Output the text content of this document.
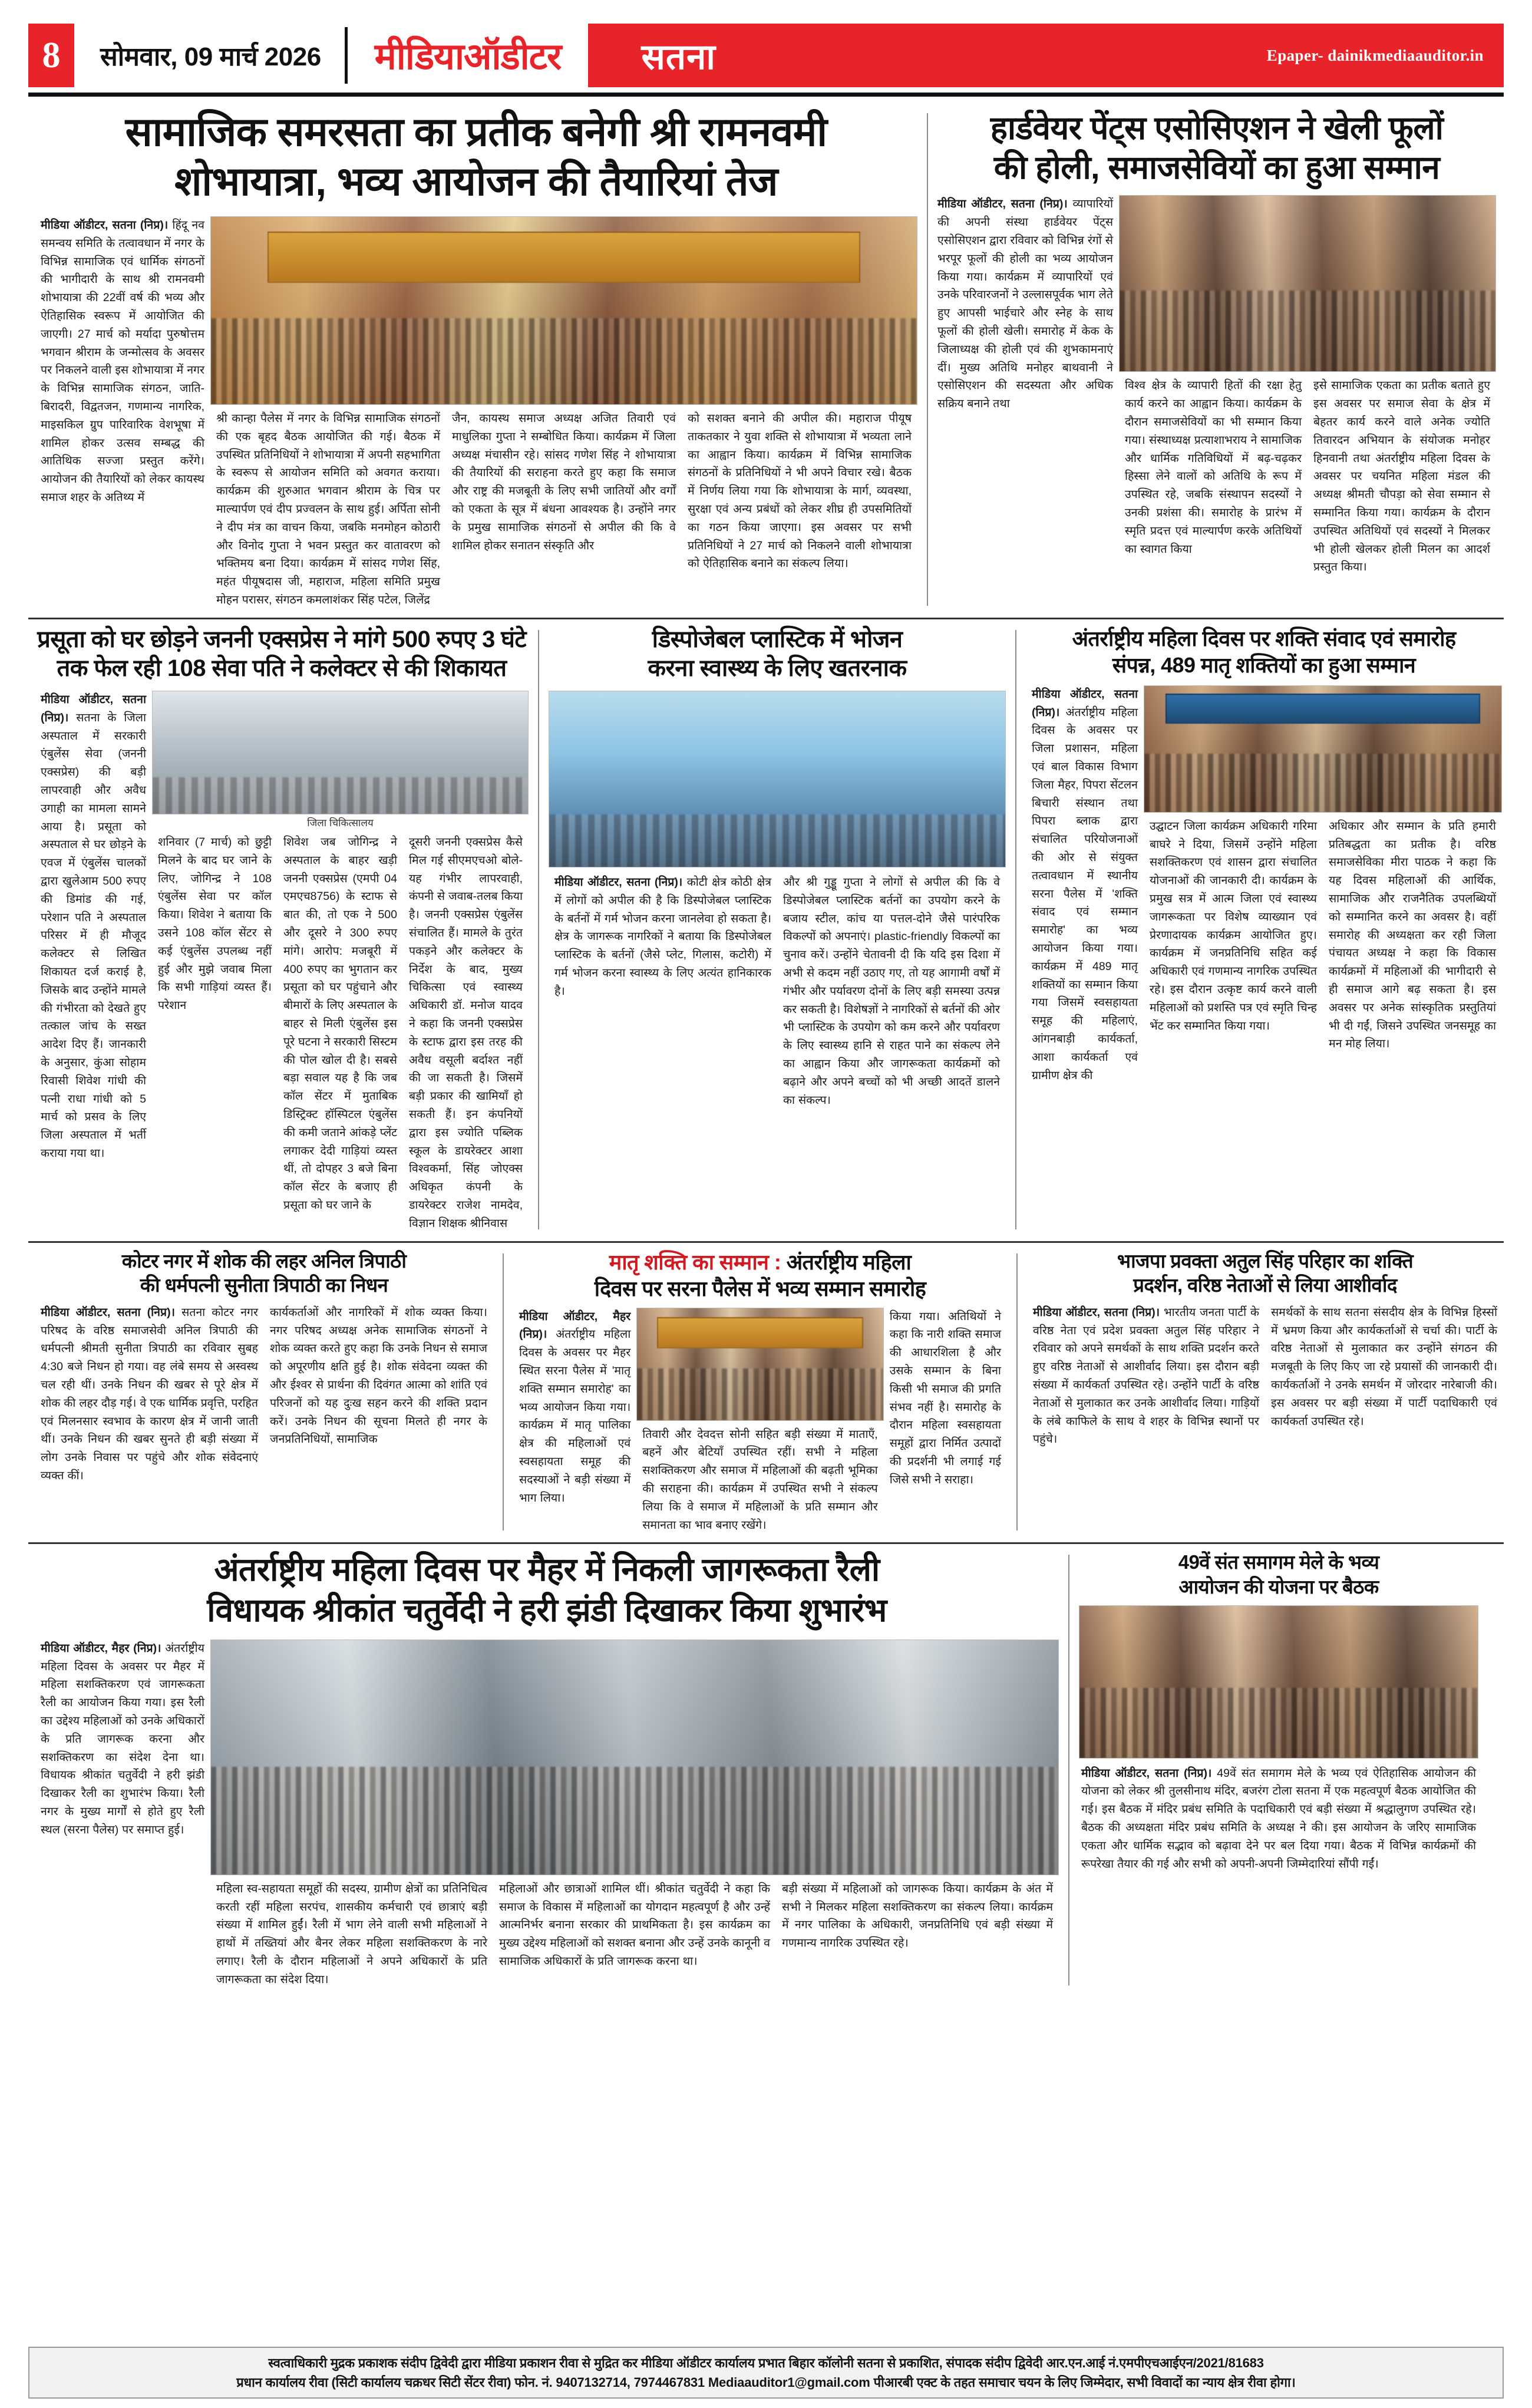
8	सोमवार, 09 मार्च 2026	मीडियाऑडीटर	सतना	Epaper- dainikmediaauditor.in
सामाजिक समरसता का प्रतीक बनेगी श्री रामनवमी
शोभायात्रा, भव्य आयोजन की तैयारियां तेज
मीडिया ऑडीटर, सतना (निप्र)। हिंदू नव समन्वय समिति के तत्वावधान में नगर के विभिन्न सामाजिक एवं धार्मिक संगठनों की भागीदारी के साथ श्री रामनवमी शोभायात्रा की 22वीं वर्ष की भव्य और ऐतिहासिक स्वरूप में आयोजित की जाएगी। 27 मार्च को मर्यादा पुरुषोत्तम भगवान श्रीराम के जन्मोत्सव के अवसर पर निकलने वाली इस शोभायात्रा में नगर के विभिन्न सामाजिक संगठन, जाति-बिरादरी, विद्वतजन, गणमान्य नागरिक, माइसकिल ग्रुप पारिवारिक वेशभूषा में शामिल होकर उत्सव सम्बद्ध की आतिथिक सज्जा प्रस्तुत करेंगे। आयोजन की तैयारियों को लेकर कायस्थ समाज शहर के अतिथ्य में
श्री कान्हा पैलेस में नगर के विभिन्न सामाजिक संगठनों की एक बृहद बैठक आयोजित की गई। बैठक में उपस्थित प्रतिनिधियों ने शोभायात्रा में अपनी सहभागिता के स्वरूप से आयोजन समिति को अवगत कराया। कार्यक्रम की शुरुआत भगवान श्रीराम के चित्र पर माल्यार्पण एवं दीप प्रज्वलन के साथ हुई। अर्पिता सोनी ने दीप मंत्र का वाचन किया, जबकि मनमोहन कोठारी और विनोद गुप्ता ने भवन प्रस्तुत कर वातावरण को भक्तिमय बना दिया। कार्यक्रम में सांसद गणेश सिंह, महंत पीयूषदास जी, महाराज, महिला समिति प्रमुख मोहन परासर, संगठन कमलाशंकर सिंह पटेल, जिलेंद्र
जैन, कायस्थ समाज अध्यक्ष अजित तिवारी एवं माधुलिका गुप्ता ने सम्बोधित किया। कार्यक्रम में जिला अध्यक्ष मंचासीन रहे। सांसद गणेश सिंह ने शोभायात्रा की तैयारियों की सराहना करते हुए कहा कि समाज और राष्ट्र की मजबूती के लिए सभी जातियों और वर्गों को एकता के सूत्र में बंधना आवश्यक है। उन्होंने नगर के प्रमुख सामाजिक संगठनों से अपील की कि वे शामिल होकर सनातन संस्कृति और
को सशक्त बनाने की अपील की। महाराज पीयूष ताकतकार ने युवा शक्ति से शोभायात्रा में भव्यता लाने का आह्वान किया। कार्यक्रम में विभिन्न सामाजिक संगठनों के प्रतिनिधियों ने भी अपने विचार रखे। बैठक में निर्णय लिया गया कि शोभायात्रा के मार्ग, व्यवस्था, सुरक्षा एवं अन्य प्रबंधों को लेकर शीघ्र ही उपसमितियों का गठन किया जाएगा। इस अवसर पर सभी प्रतिनिधियों ने 27 मार्च को निकलने वाली शोभायात्रा को ऐतिहासिक बनाने का संकल्प लिया।
हार्डवेयर पेंट्स एसोसिएशन ने खेली फूलों
की होली, समाजसेवियों का हुआ सम्मान
मीडिया ऑडीटर, सतना (निप्र)। व्यापारियों की अपनी संस्था हार्डवेयर पेंट्स एसोसिएशन द्वारा रविवार को विभिन्न रंगों से भरपूर फूलों की होली का भव्य आयोजन किया गया। कार्यक्रम में व्यापारियों एवं उनके परिवारजनों ने उल्लासपूर्वक भाग लेते हुए आपसी भाईचारे और स्नेह के साथ फूलों की होली खेली। समारोह में केक के जिलाध्यक्ष की होली एवं की शुभकामनाएं दीं। मुख्य अतिथि मनोहर बाथवानी ने एसोसिएशन की सदस्यता और अधिक सक्रिय बनाने तथा
विश्व क्षेत्र के व्यापारी हितों की रक्षा हेतु कार्य करने का आह्वान किया। कार्यक्रम के दौरान समाजसेवियों का भी सम्मान किया गया। संस्थाध्यक्ष प्रत्याशाभराय ने सामाजिक और धार्मिक गतिविधियों में बढ़-चढ़कर हिस्सा लेने वालों को अतिथि के रूप में उपस्थित रहे, जबकि संस्थापन सदस्यों ने उनकी प्रशंसा की। समारोह के प्रारंभ में स्मृति प्रदत्त एवं माल्यार्पण करके अतिथियों का स्वागत किया
इसे सामाजिक एकता का प्रतीक बताते हुए इस अवसर पर समाज सेवा के क्षेत्र में बेहतर कार्य करने वाले अनेक ज्योति तिवारदन अभियान के संयोजक मनोहर हिनवानी तथा अंतर्राष्ट्रीय महिला दिवस के अवसर पर चयनित महिला मंडल की अध्यक्ष श्रीमती चौपड़ा को सेवा सम्मान से सम्मानित किया गया। कार्यक्रम के दौरान उपस्थित अतिथियों एवं सदस्यों ने मिलकर भी होली खेलकर होली मिलन का आदर्श प्रस्तुत किया।
प्रसूता को घर छोड़ने जननी एक्सप्रेस ने मांगे 500 रुपए 3 घंटे
तक फेल रही 108 सेवा पति ने कलेक्टर से की शिकायत
मीडिया ऑडीटर, सतना (निप्र)। सतना के जिला अस्पताल में सरकारी एंबुलेंस सेवा (जननी एक्सप्रेस) की बड़ी लापरवाही और अवैध उगाही का मामला सामने आया है। प्रसूता को अस्पताल से घर छोड़ने के एवज में एंबुलेंस चालकों द्वारा खुलेआम 500 रुपए की डिमांड की गई, परेशान पति ने अस्पताल परिसर में ही मौजूद कलेक्टर से लिखित शिकायत दर्ज कराई है, जिसके बाद उन्होंने मामले की गंभीरता को देखते हुए तत्काल जांच के सख्त आदेश दिए हैं। जानकारी के अनुसार, कुंआ सोहाम रिवासी शिवेश गांधी की पत्नी राधा गांधी को 5 मार्च को प्रसव के लिए जिला अस्पताल में भर्ती कराया गया था।
जिला चिकित्सालय
शनिवार (7 मार्च) को छुट्टी मिलने के बाद घर जाने के लिए, जोगिन्द्र ने 108 एंबुलेंस सेवा पर कॉल किया। शिवेश ने बताया कि उसने 108 कॉल सेंटर से कई एंबुलेंस उपलब्ध नहीं हुई और मुझे जवाब मिला कि सभी गाड़ियां व्यस्त हैं। परेशान
शिवेश जब जोगिन्द्र ने अस्पताल के बाहर खड़ी जननी एक्सप्रेस (एमपी 04 एमएच8756) के स्टाफ से बात की, तो एक ने 500 और दूसरे ने 300 रुपए मांगे। आरोप: मजबूरी में 400 रुपए का भुगतान कर प्रसूता को घर पहुंचाने और बीमारों के लिए अस्पताल के बाहर से मिली एंबुलेंस इस पूरे घटना ने सरकारी सिस्टम की पोल खोल दी है। सबसे बड़ा सवाल यह है कि जब कॉल सेंटर में मुताबिक डिस्ट्रिक्ट हॉस्पिटल एंबुलेंस की कमी जताने आंकड़े प्लेंट लगाकर देदी गाड़ियां व्यस्त थीं, तो दोपहर 3 बजे बिना कॉल सेंटर के बजाए ही प्रसूता को घर जाने के
दूसरी जननी एक्सप्रेस कैसे मिल गई सीएमएचओ बोले- यह गंभीर लापरवाही, कंपनी से जवाब-तलब किया है। जननी एक्सप्रेस एंबुलेंस संचालित हैं। मामले के तुरंत पकड़ने और कलेक्टर के निर्देश के बाद, मुख्य चिकित्सा एवं स्वास्थ्य अधिकारी डॉ. मनोज यादव ने कहा कि जननी एक्सप्रेस के स्टाफ द्वारा इस तरह की अवैध वसूली बर्दाश्त नहीं की जा सकती है। जिसमें बड़ी प्रकार की खामियाँ हो सकती हैं। इन कंपनियों द्वारा इस ज्योति पब्लिक स्कूल के डायरेक्टर आशा विश्वकर्मा, सिंह जोएक्स अधिकृत कंपनी के डायरेक्टर राजेश नामदेव, विज्ञान शिक्षक श्रीनिवास
डिस्पोजेबल प्लास्टिक में भोजन
करना स्वास्थ्य के लिए खतरनाक
मीडिया ऑडीटर, सतना (निप्र)। कोटी क्षेत्र कोठी क्षेत्र में लोगों को अपील की है कि डिस्पोजेबल प्लास्टिक के बर्तनों में गर्म भोजन करना जानलेवा हो सकता है। क्षेत्र के जागरूक नागरिकों ने बताया कि डिस्पोजेबल प्लास्टिक के बर्तनों (जैसे प्लेट, गिलास, कटोरी) में गर्म भोजन करना स्वास्थ्य के लिए अत्यंत हानिकारक है।
और श्री गुड्डू गुप्ता ने लोगों से अपील की कि वे डिस्पोजेबल प्लास्टिक बर्तनों का उपयोग करने के बजाय स्टील, कांच या पत्तल-दोने जैसे पारंपरिक विकल्पों को अपनाएं। plastic-friendly विकल्पों का चुनाव करें। उन्होंने चेतावनी दी कि यदि इस दिशा में अभी से कदम नहीं उठाए गए, तो यह आगामी वर्षों में गंभीर और पर्यावरण दोनों के लिए बड़ी समस्या उत्पन्न कर सकती है। विशेषज्ञों ने नागरिकों से बर्तनों की ओर भी प्लास्टिक के उपयोग को कम करने और पर्यावरण के लिए स्वास्थ्य हानि से राहत पाने का संकल्प लेने का आह्वान किया और जागरूकता कार्यक्रमों को बढ़ाने और अपने बच्चों को भी अच्छी आदतें डालने का संकल्प।
अंतर्राष्ट्रीय महिला दिवस पर शक्ति संवाद एवं समारोह
संपन्न, 489 मातृ शक्तियों का हुआ सम्मान
मीडिया ऑडीटर, सतना (निप्र)। अंतर्राष्ट्रीय महिला दिवस के अवसर पर जिला प्रशासन, महिला एवं बाल विकास विभाग जिला मैहर, पिपरा सेंटलन बिचारी संस्थान तथा पिपरा ब्लाक द्वारा संचालित परियोजनाओं की ओर से संयुक्त तत्वावधान में स्थानीय सरना पैलेस में 'शक्ति संवाद एवं सम्मान समारोह' का भव्य आयोजन किया गया। कार्यक्रम में 489 मातृ शक्तियों का सम्मान किया गया जिसमें स्वसहायता समूह की महिलाएं, आंगनबाड़ी कार्यकर्ता, आशा कार्यकर्ता एवं ग्रामीण क्षेत्र की
उद्घाटन जिला कार्यक्रम अधिकारी गरिमा बाघरे ने दिया, जिसमें उन्होंने महिला सशक्तिकरण एवं शासन द्वारा संचालित योजनाओं की जानकारी दी। कार्यक्रम के प्रमुख सत्र में आत्म जिला एवं स्वास्थ्य जागरूकता पर विशेष व्याख्यान एवं प्रेरणादायक कार्यक्रम आयोजित हुए। कार्यक्रम में जनप्रतिनिधि सहित कई अधिकारी एवं गणमान्य नागरिक उपस्थित रहे। इस दौरान उत्कृष्ट कार्य करने वाली महिलाओं को प्रशस्ति पत्र एवं स्मृति चिन्ह भेंट कर सम्मानित किया गया।
अधिकार और सम्मान के प्रति हमारी प्रतिबद्धता का प्रतीक है। वरिष्ठ समाजसेविका मीरा पाठक ने कहा कि यह दिवस महिलाओं की आर्थिक, सामाजिक और राजनैतिक उपलब्धियों को सम्मानित करने का अवसर है। वहीं समारोह की अध्यक्षता कर रही जिला पंचायत अध्यक्ष ने कहा कि विकास कार्यक्रमों में महिलाओं की भागीदारी से ही समाज आगे बढ़ सकता है। इस अवसर पर अनेक सांस्कृतिक प्रस्तुतियां भी दी गईं, जिसने उपस्थित जनसमूह का मन मोह लिया।
कोटर नगर में शोक की लहर अनिल त्रिपाठी
की धर्मपत्नी सुनीता त्रिपाठी का निधन
मीडिया ऑडीटर, सतना (निप्र)। सतना कोटर नगर परिषद के वरिष्ठ समाजसेवी अनिल त्रिपाठी की धर्मपत्नी श्रीमती सुनीता त्रिपाठी का रविवार सुबह 4:30 बजे निधन हो गया। वह लंबे समय से अस्वस्थ चल रही थीं। उनके निधन की खबर से पूरे क्षेत्र में शोक की लहर दौड़ गई। वे एक धार्मिक प्रवृत्ति, परहित एवं मिलनसार स्वभाव के कारण क्षेत्र में जानी जाती थीं। उनके निधन की खबर सुनते ही बड़ी संख्या में लोग उनके निवास पर पहुंचे और शोक संवेदनाएं व्यक्त कीं।
कार्यकर्ताओं और नागरिकों में शोक व्यक्त किया। नगर परिषद अध्यक्ष अनेक सामाजिक संगठनों ने शोक व्यक्त करते हुए कहा कि उनके निधन से समाज को अपूरणीय क्षति हुई है। शोक संवेदना व्यक्त की और ईश्वर से प्रार्थना की दिवंगत आत्मा को शांति एवं परिजनों को यह दुःख सहन करने की शक्ति प्रदान करें। उनके निधन की सूचना मिलते ही नगर के जनप्रतिनिधियों, सामाजिक
मातृ शक्ति का सम्मान : अंतर्राष्ट्रीय महिला
दिवस पर सरना पैलेस में भव्य सम्मान समारोह
मीडिया ऑडीटर, मैहर (निप्र)। अंतर्राष्ट्रीय महिला दिवस के अवसर पर मैहर स्थित सरना पैलेस में 'मातृ शक्ति सम्मान समारोह' का भव्य आयोजन किया गया। कार्यक्रम में मातृ पालिका क्षेत्र की महिलाओं एवं स्वसहायता समूह की सदस्याओं ने बड़ी संख्या में भाग लिया।
तिवारी और देवदत्त सोनी सहित बड़ी संख्या में माताएँ, बहनें और बेटियाँ उपस्थित रहीं। सभी ने महिला सशक्तिकरण और समाज में महिलाओं की बढ़ती भूमिका की सराहना की। कार्यक्रम में उपस्थित सभी ने संकल्प लिया कि वे समाज में महिलाओं के प्रति सम्मान और समानता का भाव बनाए रखेंगे।
किया गया। अतिथियों ने कहा कि नारी शक्ति समाज की आधारशिला है और उसके सम्मान के बिना किसी भी समाज की प्रगति संभव नहीं है। समारोह के दौरान महिला स्वसहायता समूहों द्वारा निर्मित उत्पादों की प्रदर्शनी भी लगाई गई जिसे सभी ने सराहा।
भाजपा प्रवक्ता अतुल सिंह परिहार का शक्ति
प्रदर्शन, वरिष्ठ नेताओं से लिया आशीर्वाद
मीडिया ऑडीटर, सतना (निप्र)। भारतीय जनता पार्टी के वरिष्ठ नेता एवं प्रदेश प्रवक्ता अतुल सिंह परिहार ने रविवार को अपने समर्थकों के साथ शक्ति प्रदर्शन करते हुए वरिष्ठ नेताओं से आशीर्वाद लिया। इस दौरान बड़ी संख्या में कार्यकर्ता उपस्थित रहे। उन्होंने पार्टी के वरिष्ठ नेताओं से मुलाकात कर उनके आशीर्वाद लिया। गाड़ियों के लंबे काफिले के साथ वे शहर के विभिन्न स्थानों पर पहुंचे।
समर्थकों के साथ सतना संसदीय क्षेत्र के विभिन्न हिस्सों में भ्रमण किया और कार्यकर्ताओं से चर्चा की। पार्टी के वरिष्ठ नेताओं से मुलाकात कर उन्होंने संगठन की मजबूती के लिए किए जा रहे प्रयासों की जानकारी दी। कार्यकर्ताओं ने उनके समर्थन में जोरदार नारेबाजी की। इस अवसर पर बड़ी संख्या में पार्टी पदाधिकारी एवं कार्यकर्ता उपस्थित रहे।
अंतर्राष्ट्रीय महिला दिवस पर मैहर में निकली जागरूकता रैली
विधायक श्रीकांत चतुर्वेदी ने हरी झंडी दिखाकर किया शुभारंभ
मीडिया ऑडीटर, मैहर (निप्र)। अंतर्राष्ट्रीय महिला दिवस के अवसर पर मैहर में महिला सशक्तिकरण एवं जागरूकता रैली का आयोजन किया गया। इस रैली का उद्देश्य महिलाओं को उनके अधिकारों के प्रति जागरूक करना और सशक्तिकरण का संदेश देना था। विधायक श्रीकांत चतुर्वेदी ने हरी झंडी दिखाकर रैली का शुभारंभ किया। रैली नगर के मुख्य मार्गों से होते हुए रैली स्थल (सरना पैलेस) पर समाप्त हुई।
महिला स्व-सहायता समूहों की सदस्य, ग्रामीण क्षेत्रों का प्रतिनिधित्व करती रहीं महिला सरपंच, शासकीय कर्मचारी एवं छात्राएं बड़ी संख्या में शामिल हुईं। रैली में भाग लेने वाली सभी महिलाओं ने हाथों में तख्तियां और बैनर लेकर महिला सशक्तिकरण के नारे लगाए। रैली के दौरान महिलाओं ने अपने अधिकारों के प्रति जागरूकता का संदेश दिया।
महिलाओं और छात्राओं शामिल थीं। श्रीकांत चतुर्वेदी ने कहा कि समाज के विकास में महिलाओं का योगदान महत्वपूर्ण है और उन्हें आत्मनिर्भर बनाना सरकार की प्राथमिकता है। इस कार्यक्रम का मुख्य उद्देश्य महिलाओं को सशक्त बनाना और उन्हें उनके कानूनी व सामाजिक अधिकारों के प्रति जागरूक करना था।
बड़ी संख्या में महिलाओं को जागरूक किया। कार्यक्रम के अंत में सभी ने मिलकर महिला सशक्तिकरण का संकल्प लिया। कार्यक्रम में नगर पालिका के अधिकारी, जनप्रतिनिधि एवं बड़ी संख्या में गणमान्य नागरिक उपस्थित रहे।
49वें संत समागम मेले के भव्य
आयोजन की योजना पर बैठक
मीडिया ऑडीटर, सतना (निप्र)। 49वें संत समागम मेले के भव्य एवं ऐतिहासिक आयोजन की योजना को लेकर श्री तुलसीनाथ मंदिर, बजरंग टोला सतना में एक महत्वपूर्ण बैठक आयोजित की गई। इस बैठक में मंदिर प्रबंध समिति के पदाधिकारी एवं बड़ी संख्या में श्रद्धालुगण उपस्थित रहे। बैठक की अध्यक्षता मंदिर प्रबंध समिति के अध्यक्ष ने की। इस आयोजन के जरिए सामाजिक एकता और धार्मिक सद्भाव को बढ़ावा देने पर बल दिया गया। बैठक में विभिन्न कार्यक्रमों की रूपरेखा तैयार की गई और सभी को अपनी-अपनी जिम्मेदारियां सौंपी गईं।
स्वत्वाधिकारी मुद्रक प्रकाशक संदीप द्विवेदी द्वारा मीडिया प्रकाशन रीवा से मुद्रित कर मीडिया ऑडीटर कार्यालय प्रभात बिहार कॉलोनी सतना से प्रकाशित, संपादक संदीप द्विवेदी आर.एन.आई नं.एमपीएचआईएन/2021/81683
प्रधान कार्यालय रीवा (सिटी कार्यालय चक्रधर सिटी सेंटर रीवा) फोन. नं. 9407132714, 7974467831 Mediaauditor1@gmail.com पीआरबी एक्ट के तहत समाचार चयन के लिए जिम्मेदार, सभी विवादों का न्याय क्षेत्र रीवा होगा।
